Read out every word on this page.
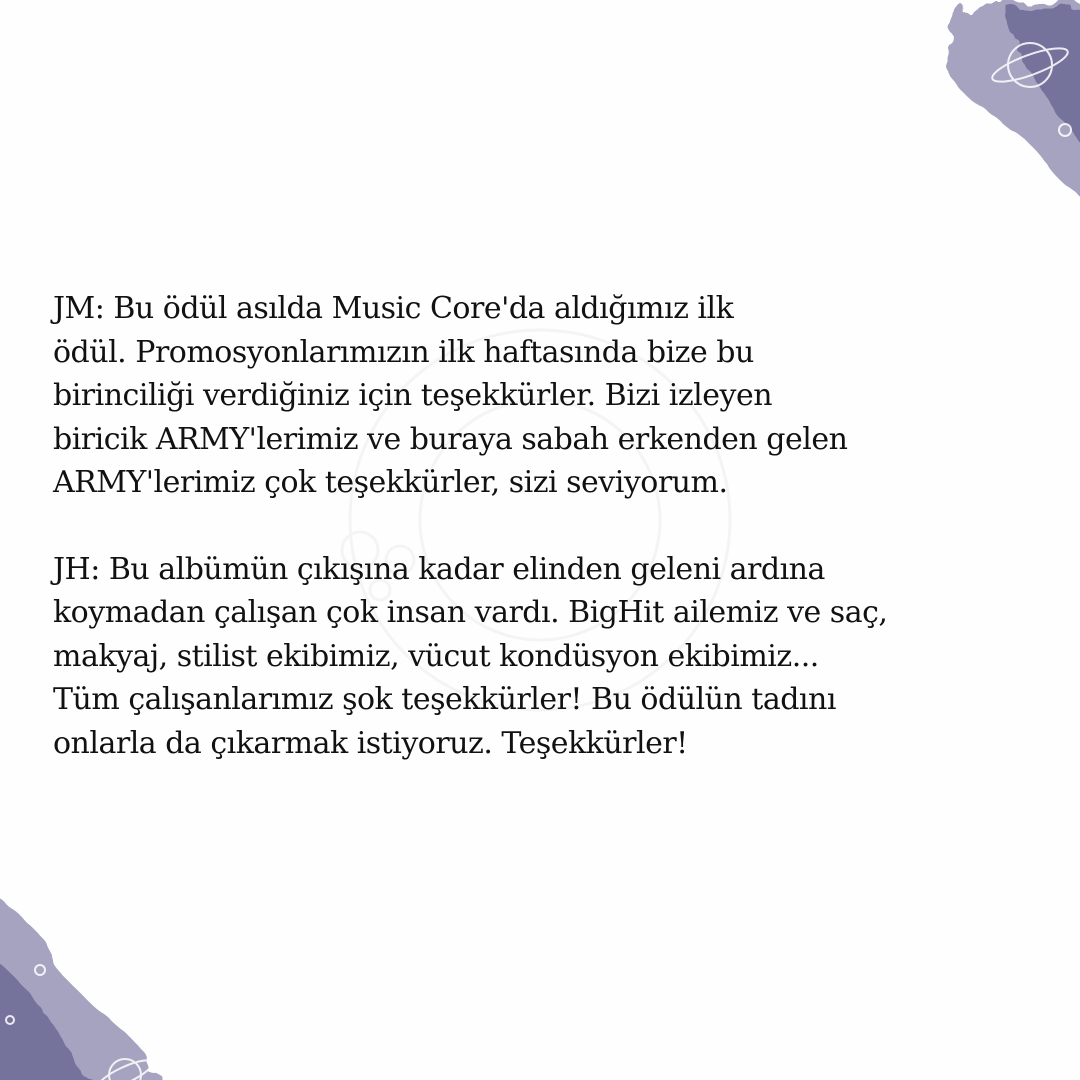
JM: Bu ödül asılda Music Core'da aldığımız ilk
ödül. Promosyonlarımızın ilk haftasında bize bu
birinciliği verdiğiniz için teşekkürler. Bizi izleyen
biricik ARMY'lerimiz ve buraya sabah erkenden gelen
ARMY'lerimiz çok teşekkürler, sizi seviyorum.

JH: Bu albümün çıkışına kadar elinden geleni ardına
koymadan çalışan çok insan vardı. BigHit ailemiz ve saç,
makyaj, stilist ekibimiz, vücut kondüsyon ekibimiz...
Tüm çalışanlarımız şok teşekkürler! Bu ödülün tadını
onlarla da çıkarmak istiyoruz. Teşekkürler!
